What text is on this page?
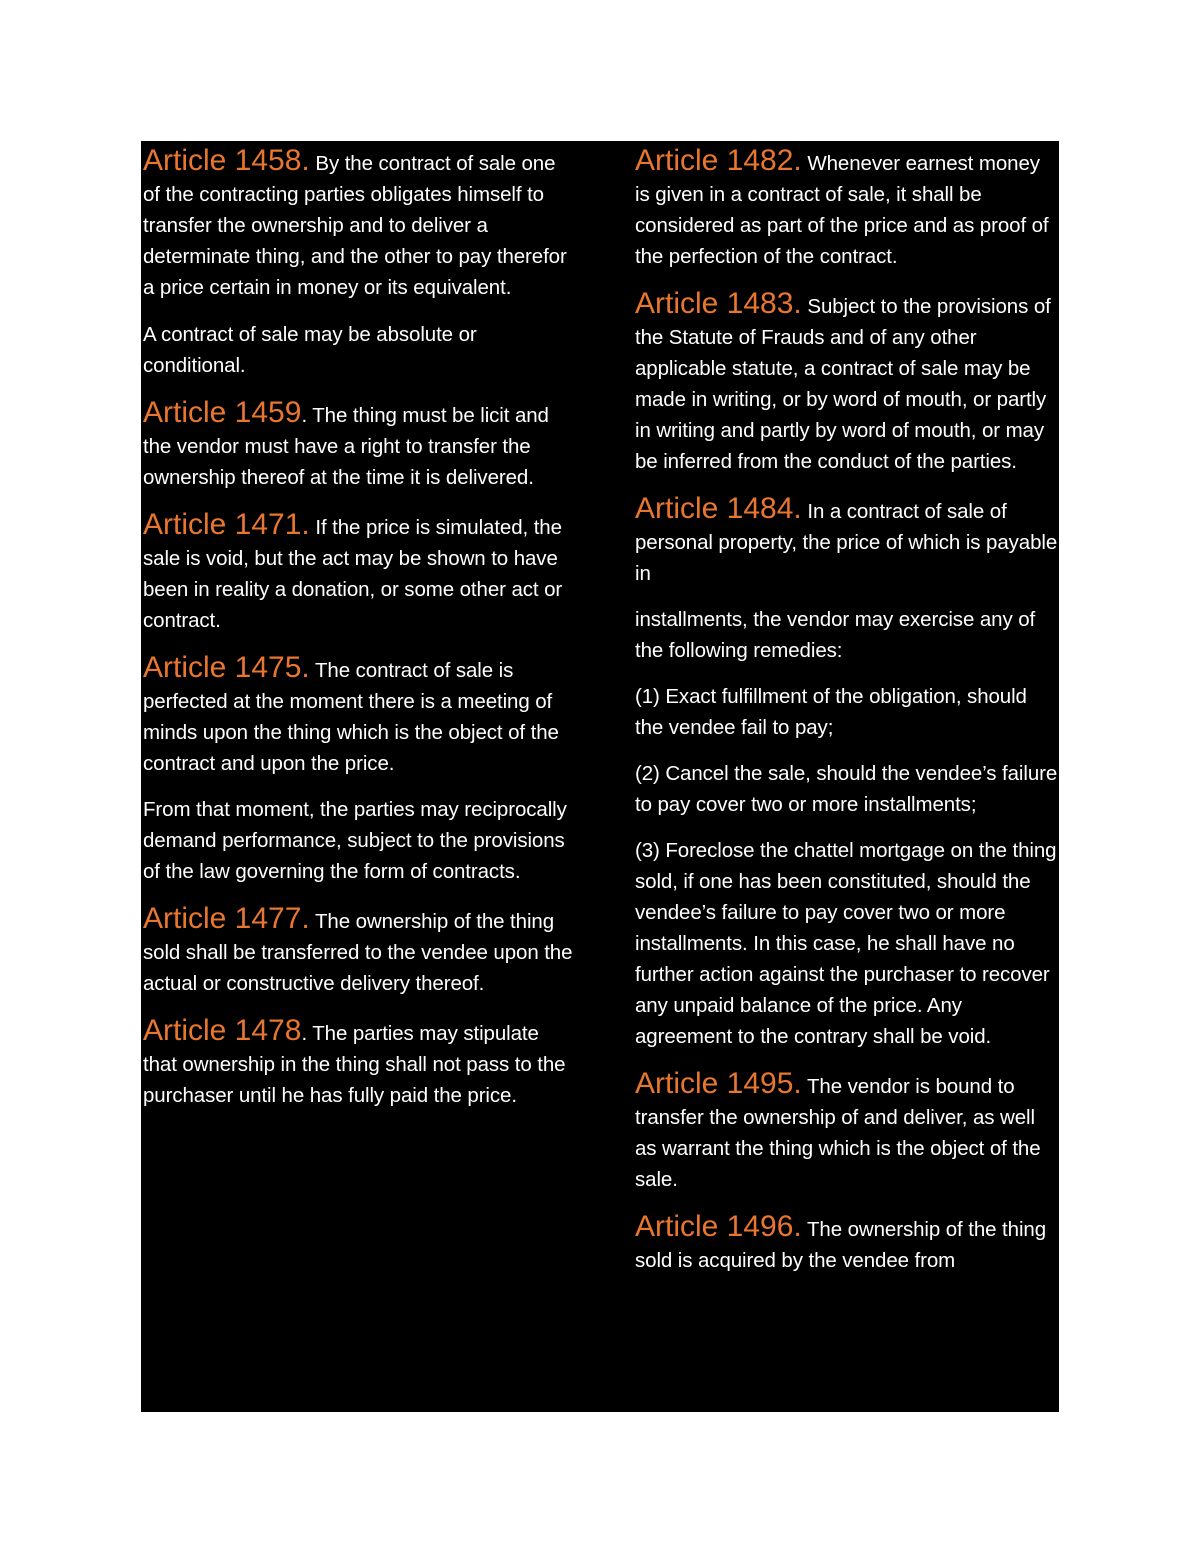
Article 1458. By the contract of sale one of the contracting parties obligates himself to transfer the ownership and to deliver a determinate thing, and the other to pay therefor a price certain in money or its equivalent.

A contract of sale may be absolute or conditional.

Article 1459. The thing must be licit and the vendor must have a right to transfer the ownership thereof at the time it is delivered.

Article 1471. If the price is simulated, the sale is void, but the act may be shown to have been in reality a donation, or some other act or contract.

Article 1475. The contract of sale is perfected at the moment there is a meeting of minds upon the thing which is the object of the contract and upon the price.

From that moment, the parties may reciprocally demand performance, subject to the provisions of the law governing the form of contracts.

Article 1477. The ownership of the thing sold shall be transferred to the vendee upon the actual or constructive delivery thereof.

Article 1478. The parties may stipulate that ownership in the thing shall not pass to the purchaser until he has fully paid the price.

Article 1482. Whenever earnest money is given in a contract of sale, it shall be considered as part of the price and as proof of the perfection of the contract.

Article 1483. Subject to the provisions of the Statute of Frauds and of any other applicable statute, a contract of sale may be made in writing, or by word of mouth, or partly in writing and partly by word of mouth, or may be inferred from the conduct of the parties.

Article 1484. In a contract of sale of personal property, the price of which is payable in

installments, the vendor may exercise any of the following remedies:

(1) Exact fulfillment of the obligation, should the vendee fail to pay;

(2) Cancel the sale, should the vendee’s failure to pay cover two or more installments;

(3) Foreclose the chattel mortgage on the thing sold, if one has been constituted, should the vendee’s failure to pay cover two or more installments. In this case, he shall have no further action against the purchaser to recover any unpaid balance of the price. Any agreement to the contrary shall be void.

Article 1495. The vendor is bound to transfer the ownership of and deliver, as well as warrant the thing which is the object of the sale.

Article 1496. The ownership of the thing sold is acquired by the vendee from
